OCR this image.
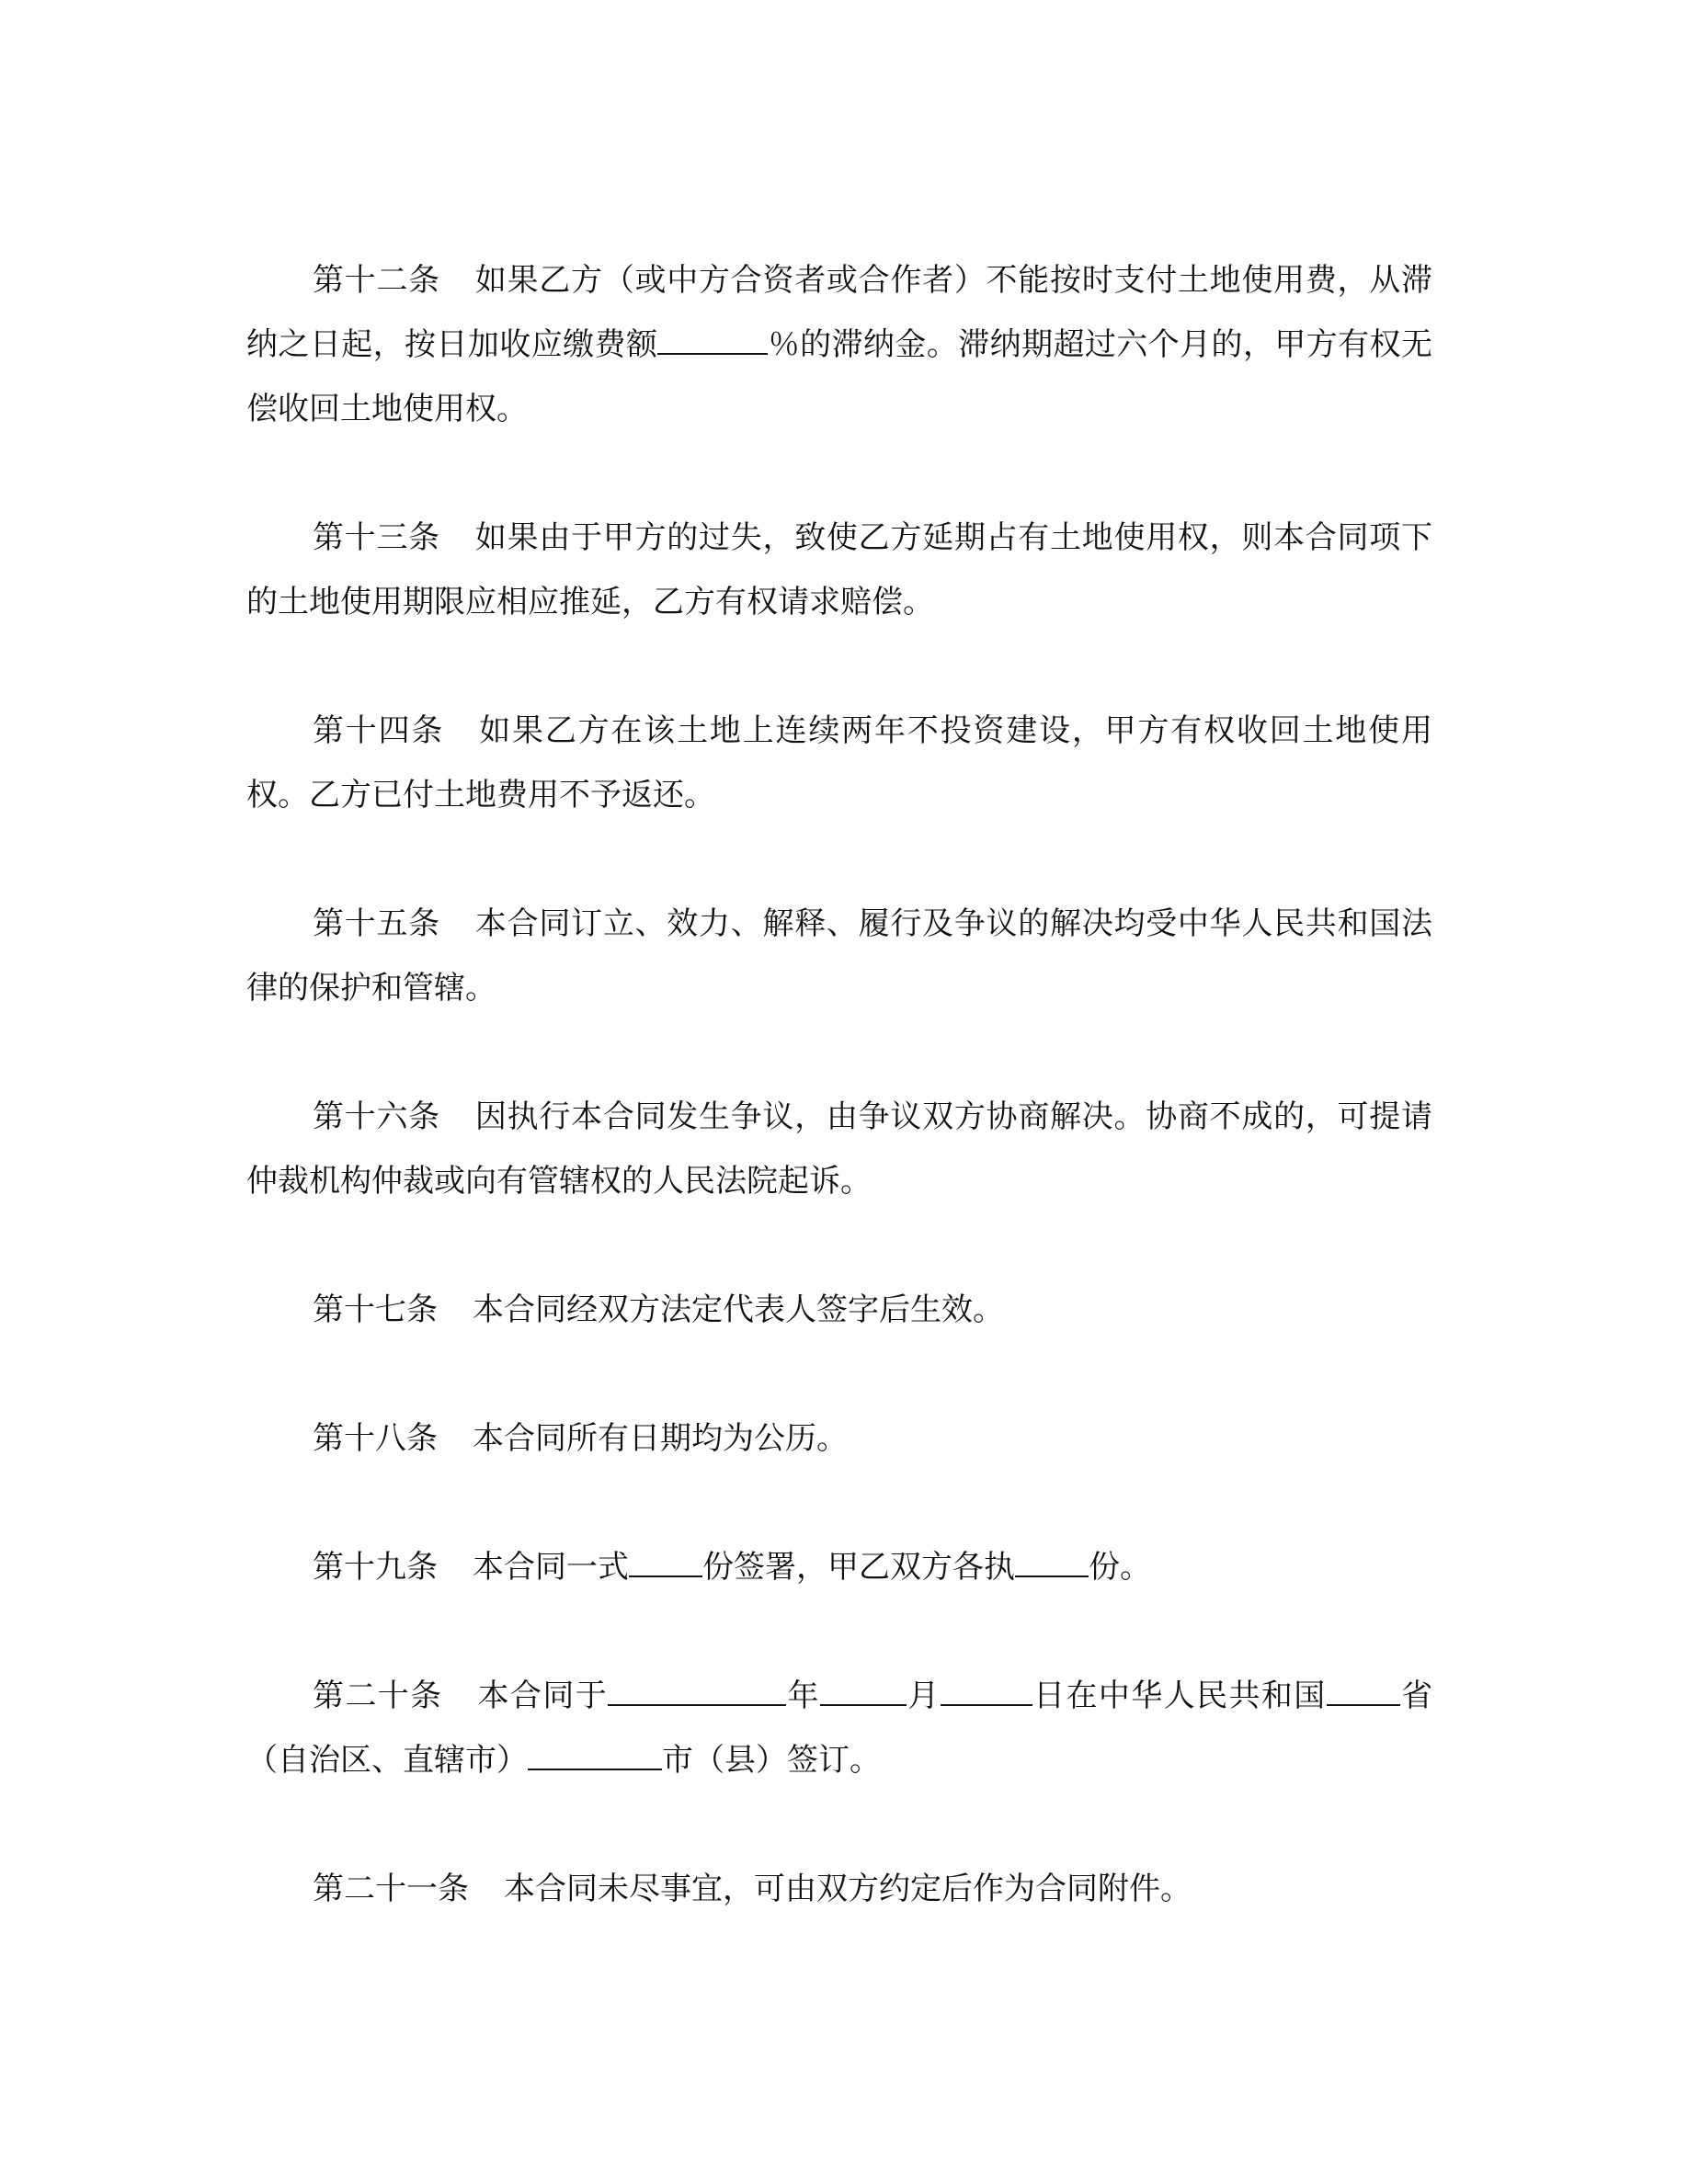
第十二条 如果乙方（或中方合资者或合作者）不能按时支付土地使用费，从滞纳之日起，按日加收应缴费额	％的滞纳金。滞纳期超过六个月的，甲方有权无偿收回土地使用权。

第十三条 如果由于甲方的过失，致使乙方延期占有土地使用权，则本合同项下的土地使用期限应相应推延，乙方有权请求赔偿。

第十四条 如果乙方在该土地上连续两年不投资建设，甲方有权收回土地使用权。乙方已付土地费用不予返还。

第十五条 本合同订立、效力、解释、履行及争议的解决均受中华人民共和国法律的保护和管辖。

第十六条 因执行本合同发生争议，由争议双方协商解决。协商不成的，可提请仲裁机构仲裁或向有管辖权的人民法院起诉。

第十七条 本合同经双方法定代表人签字后生效。

第十八条 本合同所有日期均为公历。

第十九条 本合同一式 份签署，甲乙双方各执 份。

第二十条 本合同于	年	月	日在中华人民共和国 省（自治区、直辖市）	市（县）签订。

第二十一条 本合同未尽事宜，可由双方约定后作为合同附件。
